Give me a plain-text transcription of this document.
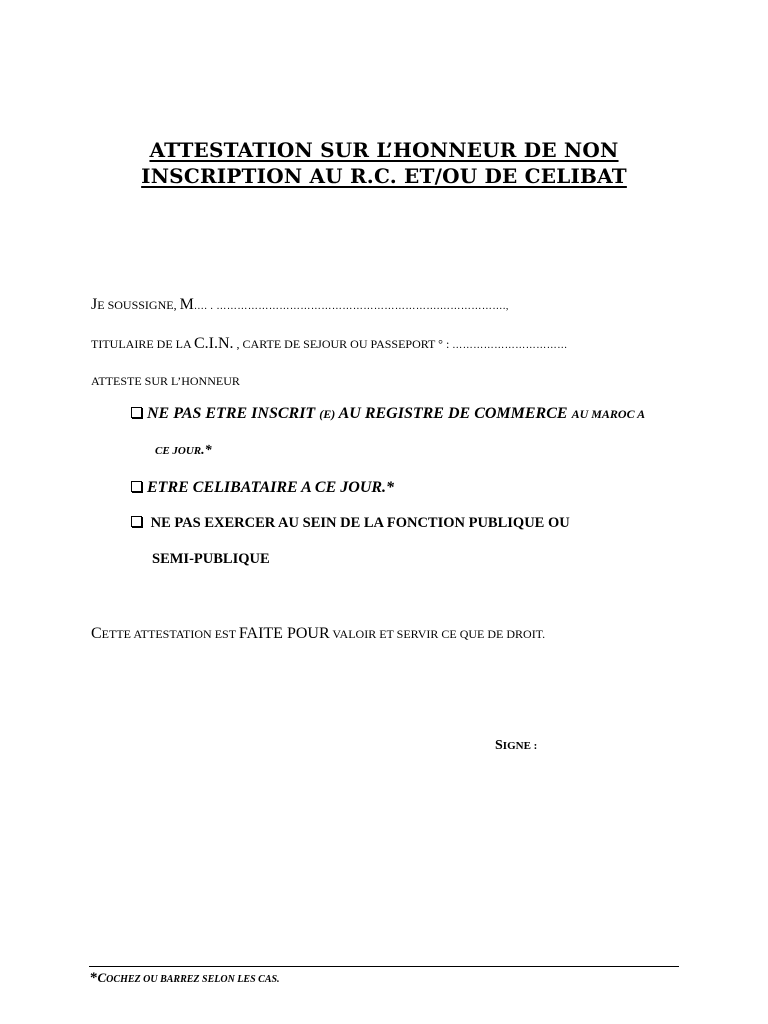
ATTESTATION SUR L’HONNEUR DE NON
INSCRIPTION AU R.C. ET/OU DE CELIBAT
JE SOUSSIGNE, M…. . ……………………………………………………….……………….,
TITULAIRE DE LA C.I.N. , CARTE DE SEJOUR OU PASSEPORT ° : ……………………………
ATTESTE SUR L’HONNEUR
NE PAS ETRE INSCRIT (E) AU REGISTRE DE COMMERCE AU MAROC A
CE JOUR.*
ETRE CELIBATAIRE A CE JOUR.*
NE PAS EXERCER AU SEIN DE LA FONCTION PUBLIQUE OU
SEMI-PUBLIQUE
CETTE ATTESTATION EST FAITE POUR VALOIR ET SERVIR CE QUE DE DROIT.
SIGNE :
*COCHEZ OU BARREZ SELON LES CAS.
